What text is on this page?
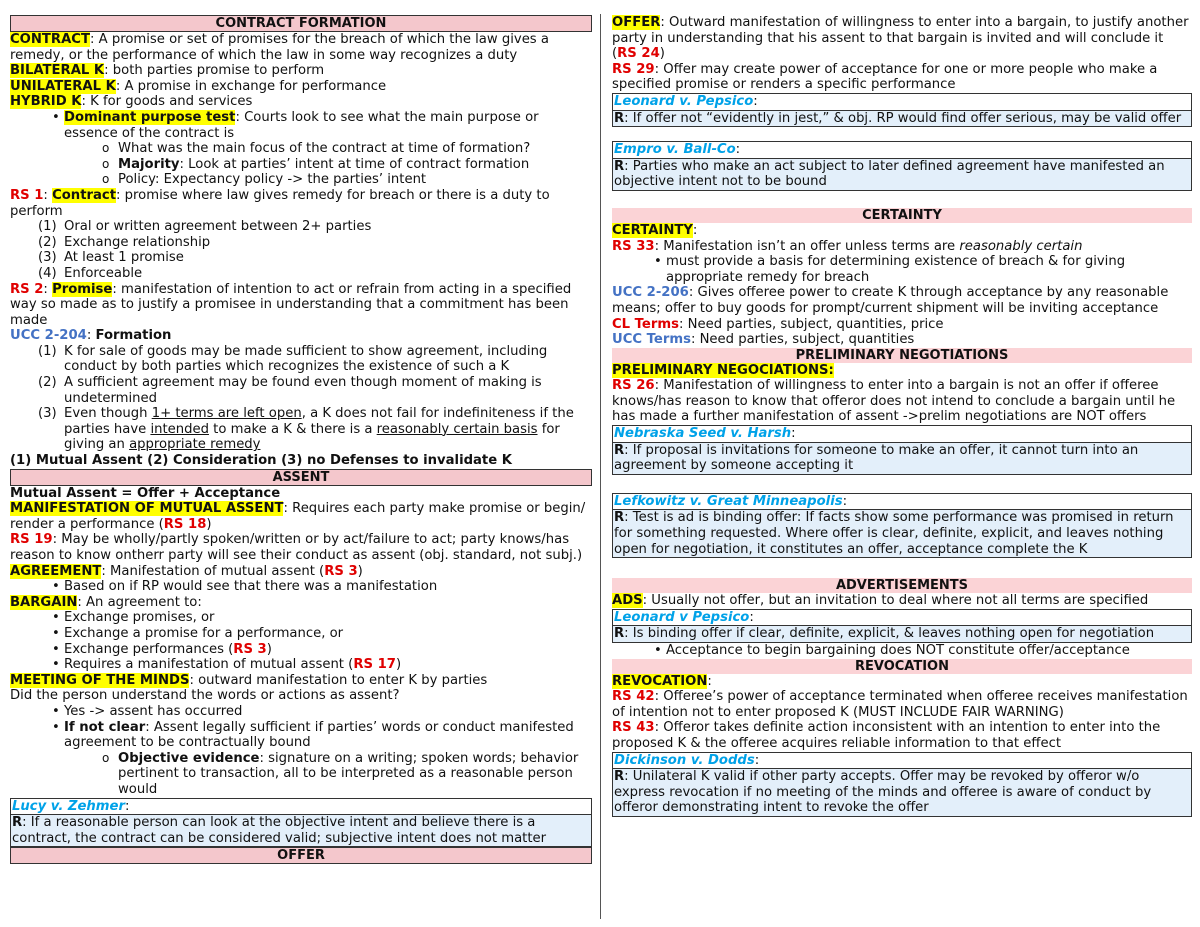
CONTRACT FORMATION
CONTRACT: A promise or set of promises for the breach of which the law gives a remedy, or the performance of which the law in some way recognizes a duty
BILATERAL K: both parties promise to perform
UNILATERAL K: A promise in exchange for performance
HYBRID K: K for goods and services
• Dominant purpose test: Courts look to see what the main purpose or essence of the contract is
o What was the main focus of the contract at time of formation?
o Majority: Look at parties’ intent at time of contract formation
o Policy: Expectancy policy -> the parties’ intent
RS 1: Contract: promise where law gives remedy for breach or there is a duty to perform
(1) Oral or written agreement between 2+ parties
(2) Exchange relationship
(3) At least 1 promise
(4) Enforceable
RS 2: Promise: manifestation of intention to act or refrain from acting in a specified way so made as to justify a promisee in understanding that a commitment has been made
UCC 2-204: Formation
(1) K for sale of goods may be made sufficient to show agreement, including conduct by both parties which recognizes the existence of such a K
(2) A sufficient agreement may be found even though moment of making is undetermined
(3) Even though 1+ terms are left open, a K does not fail for indefiniteness if the parties have intended to make a K & there is a reasonably certain basis for giving an appropriate remedy
(1) Mutual Assent (2) Consideration (3) no Defenses to invalidate K
ASSENT
Mutual Assent = Offer + Acceptance
MANIFESTATION OF MUTUAL ASSENT: Requires each party make promise or begin/ render a performance (RS 18)
RS 19: May be wholly/partly spoken/written or by act/failure to act; party knows/has reason to know ontherr party will see their conduct as assent (obj. standard, not subj.)
AGREEMENT: Manifestation of mutual assent (RS 3)
• Based on if RP would see that there was a manifestation
BARGAIN: An agreement to:
• Exchange promises, or
• Exchange a promise for a performance, or
• Exchange performances (RS 3)
• Requires a manifestation of mutual assent (RS 17)
MEETING OF THE MINDS: outward manifestation to enter K by parties
Did the person understand the words or actions as assent?
• Yes -> assent has occurred
• If not clear: Assent legally sufficient if parties’ words or conduct manifested agreement to be contractually bound
o Objective evidence: signature on a writing; spoken words; behavior pertinent to transaction, all to be interpreted as a reasonable person would
Lucy v. Zehmer:
R: If a reasonable person can look at the objective intent and believe there is a contract, the contract can be considered valid; subjective intent does not matter
OFFER
OFFER: Outward manifestation of willingness to enter into a bargain, to justify another party in understanding that his assent to that bargain is invited and will conclude it (RS 24)
RS 29: Offer may create power of acceptance for one or more people who make a specified promise or renders a specific performance
Leonard v. Pepsico:
R: If offer not “evidently in jest,” & obj. RP would find offer serious, may be valid offer
Empro v. Ball-Co:
R: Parties who make an act subject to later defined agreement have manifested an objective intent not to be bound
CERTAINTY
CERTAINTY:
RS 33: Manifestation isn’t an offer unless terms are reasonably certain
• must provide a basis for determining existence of breach & for giving appropriate remedy for breach
UCC 2-206: Gives offeree power to create K through acceptance by any reasonable means; offer to buy goods for prompt/current shipment will be inviting acceptance
CL Terms: Need parties, subject, quantities, price
UCC Terms: Need parties, subject, quantities
PRELIMINARY NEGOTIATIONS
PRELIMINARY NEGOCIATIONS:
RS 26: Manifestation of willingness to enter into a bargain is not an offer if offeree knows/has reason to know that offeror does not intend to conclude a bargain until he has made a further manifestation of assent ->prelim negotiations are NOT offers
Nebraska Seed v. Harsh:
R: If proposal is invitations for someone to make an offer, it cannot turn into an agreement by someone accepting it
Lefkowitz v. Great Minneapolis:
R: Test is ad is binding offer: If facts show some performance was promised in return for something requested. Where offer is clear, definite, explicit, and leaves nothing open for negotiation, it constitutes an offer, acceptance complete the K
ADVERTISEMENTS
ADS: Usually not offer, but an invitation to deal where not all terms are specified
Leonard v Pepsico:
R: Is binding offer if clear, definite, explicit, & leaves nothing open for negotiation
• Acceptance to begin bargaining does NOT constitute offer/acceptance
REVOCATION
REVOCATION:
RS 42: Offeree’s power of acceptance terminated when offeree receives manifestation of intention not to enter proposed K (MUST INCLUDE FAIR WARNING)
RS 43: Offeror takes definite action inconsistent with an intention to enter into the proposed K & the offeree acquires reliable information to that effect
Dickinson v. Dodds:
R: Unilateral K valid if other party accepts. Offer may be revoked by offeror w/o express revocation if no meeting of the minds and offeree is aware of conduct by offeror demonstrating intent to revoke the offer
